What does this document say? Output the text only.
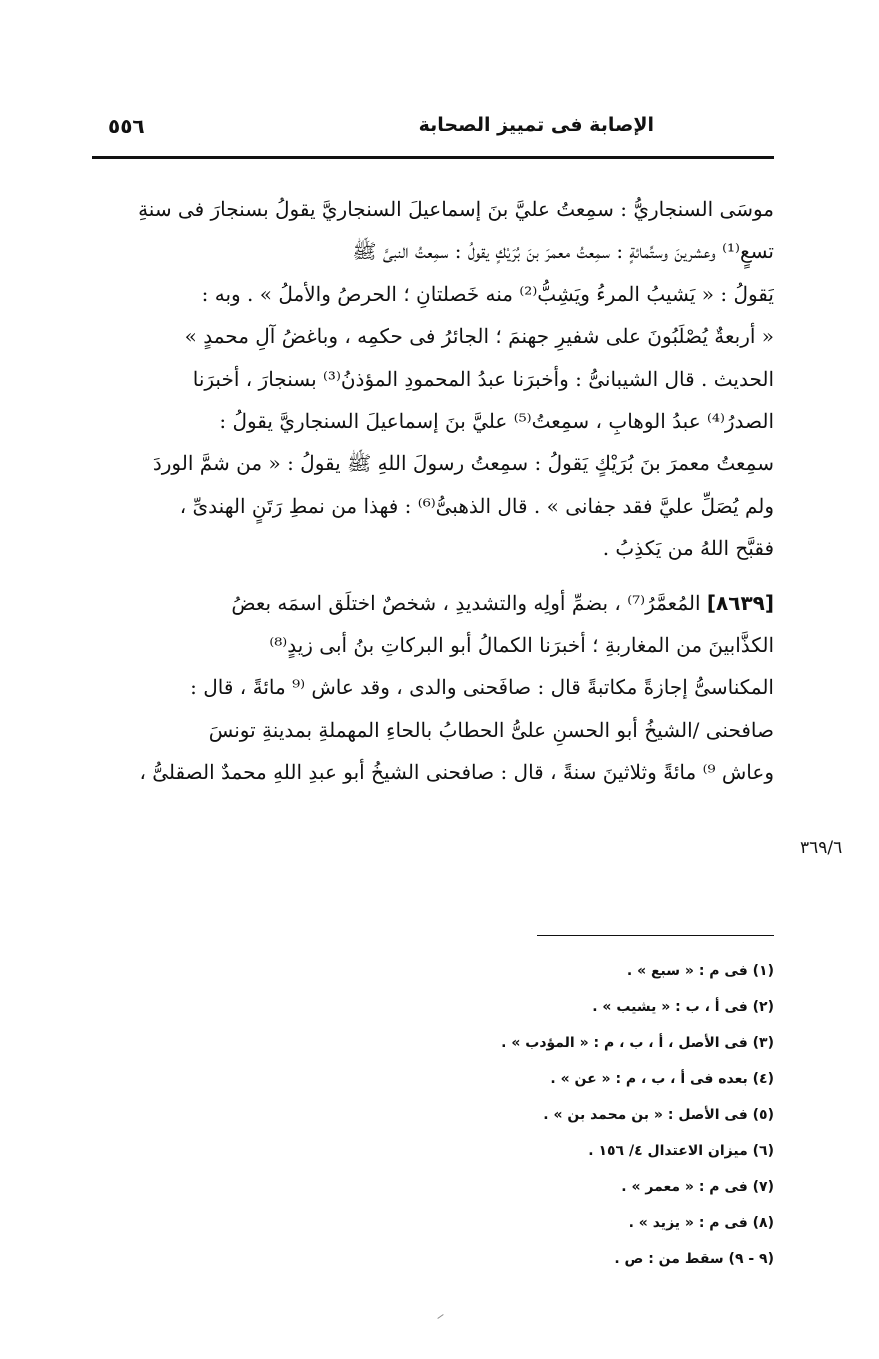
٥٥٦	الإصابة فى تمييز الصحابة
موسَى السنجاريُّ : سمِعتُ عليَّ بنَ إسماعيلَ السنجاريَّ يقولُ بسنجارَ فى سنةِ
تسعٍ⁽¹⁾ وعشرينَ وستِّمائةٍ : سمِعتُ معمرَ بنَ بُرَيْكٍ يقولُ : سمِعتُ النبىَّ ﷺ
يَقولُ : « يَشيبُ المرءُ ويَشِبُّ⁽²⁾ منه خَصلتانِ ؛ الحرصُ والأملُ » . وبه :
« أربعةٌ يُصْلَبُونَ على شفيرِ جهنمَ ؛ الجائرُ فى حكمِه ، وباغضُ آلِ محمدٍ »
الحديث . قال الشيبانىُّ : وأخبرَنا عبدُ المحمودِ المؤذنُ⁽³⁾ بسنجارَ ، أخبرَنا
الصدرُ⁽⁴⁾ عبدُ الوهابِ ، سمِعتُ⁽⁵⁾ عليَّ بنَ إسماعيلَ السنجاريَّ يقولُ :
سمِعتُ معمرَ بنَ بُرَيْكٍ يَقولُ : سمِعتُ رسولَ اللهِ ﷺ يقولُ : « من شمَّ الوردَ
ولم يُصَلِّ عليَّ فقد جفانى » . قال الذهبىُّ⁽⁶⁾ : فهذا من نمطِ رَتَنٍ الهندىِّ ،
فقبَّح اللهُ من يَكذِبُ .
[٨٦٣٩] المُعمَّرُ⁽⁷⁾ ، بضمِّ أولِه والتشديدِ ، شخصٌ اختلَق اسمَه بعضُ
الكذَّابينَ من المغاربةِ ؛ أخبرَنا الكمالُ أبو البركاتِ بنُ أبى زيدٍ⁽⁸⁾
المكناسىُّ إجازةً مكاتبةً قال : صافَحنى والدى ، وقد عاش ⁽⁹ مائةً ، قال :
صافحنى /الشيخُ أبو الحسنِ علىُّ الحطابُ بالحاءِ المهملةِ بمدينةِ تونسَ
وعاش ⁹⁾ مائةً وثلاثينَ سنةً ، قال : صافحنى الشيخُ أبو عبدِ اللهِ محمدٌ الصقلىُّ ،
٣٦٩/٦
(١) فى م : « سبع » .
(٢) فى أ ، ب : « يشيب » .
(٣) فى الأصل ، أ ، ب ، م : « المؤدب » .
(٤) بعده فى أ ، ب ، م : « عن » .
(٥) فى الأصل : « بن محمد بن » .
(٦) ميزان الاعتدال ٤/ ١٥٦ .
(٧) فى م : « معمر » .
(٨) فى م : « يزيد » .
(٩ - ٩) سقط من : ص .
